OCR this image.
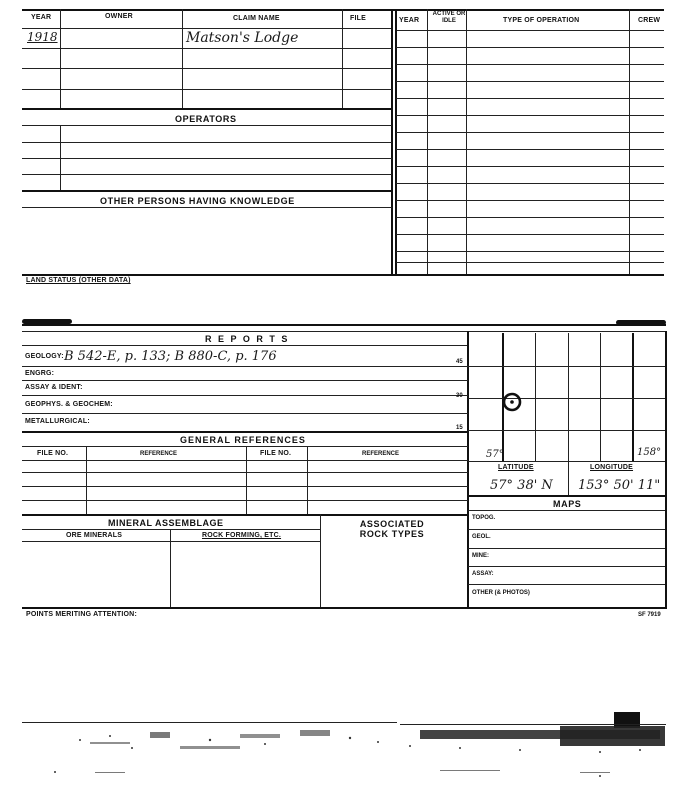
YEAR	OWNER	CLAIM NAME	FILE	YEAR
ACTIVE OR IDLE	TYPE OF OPERATION	CREW
1918	Matson's Lodge
OPERATORS
OTHER PERSONS HAVING KNOWLEDGE
LAND STATUS (OTHER DATA)
R E P O R T S
GEOLOGY: B 542-E, p. 133; B 880-C, p. 176
ENGRG:
ASSAY & IDENT:
GEOPHYS. & GEOCHEM:
METALLURGICAL:
45
30
15
GENERAL REFERENCES
FILE NO.	REFERENCE	FILE NO.	REFERENCE
MINERAL ASSEMBLAGE
ORE MINERALS	ROCK FORMING, ETC.
ASSOCIATED ROCK TYPES
57°	158°
LATITUDE	LONGITUDE
57° 38' N 153° 50' 11"
MAPS
TOPOG.
GEOL.
MINE:
ASSAY:
OTHER (& PHOTOS)
POINTS MERITING ATTENTION:	SF 7919
